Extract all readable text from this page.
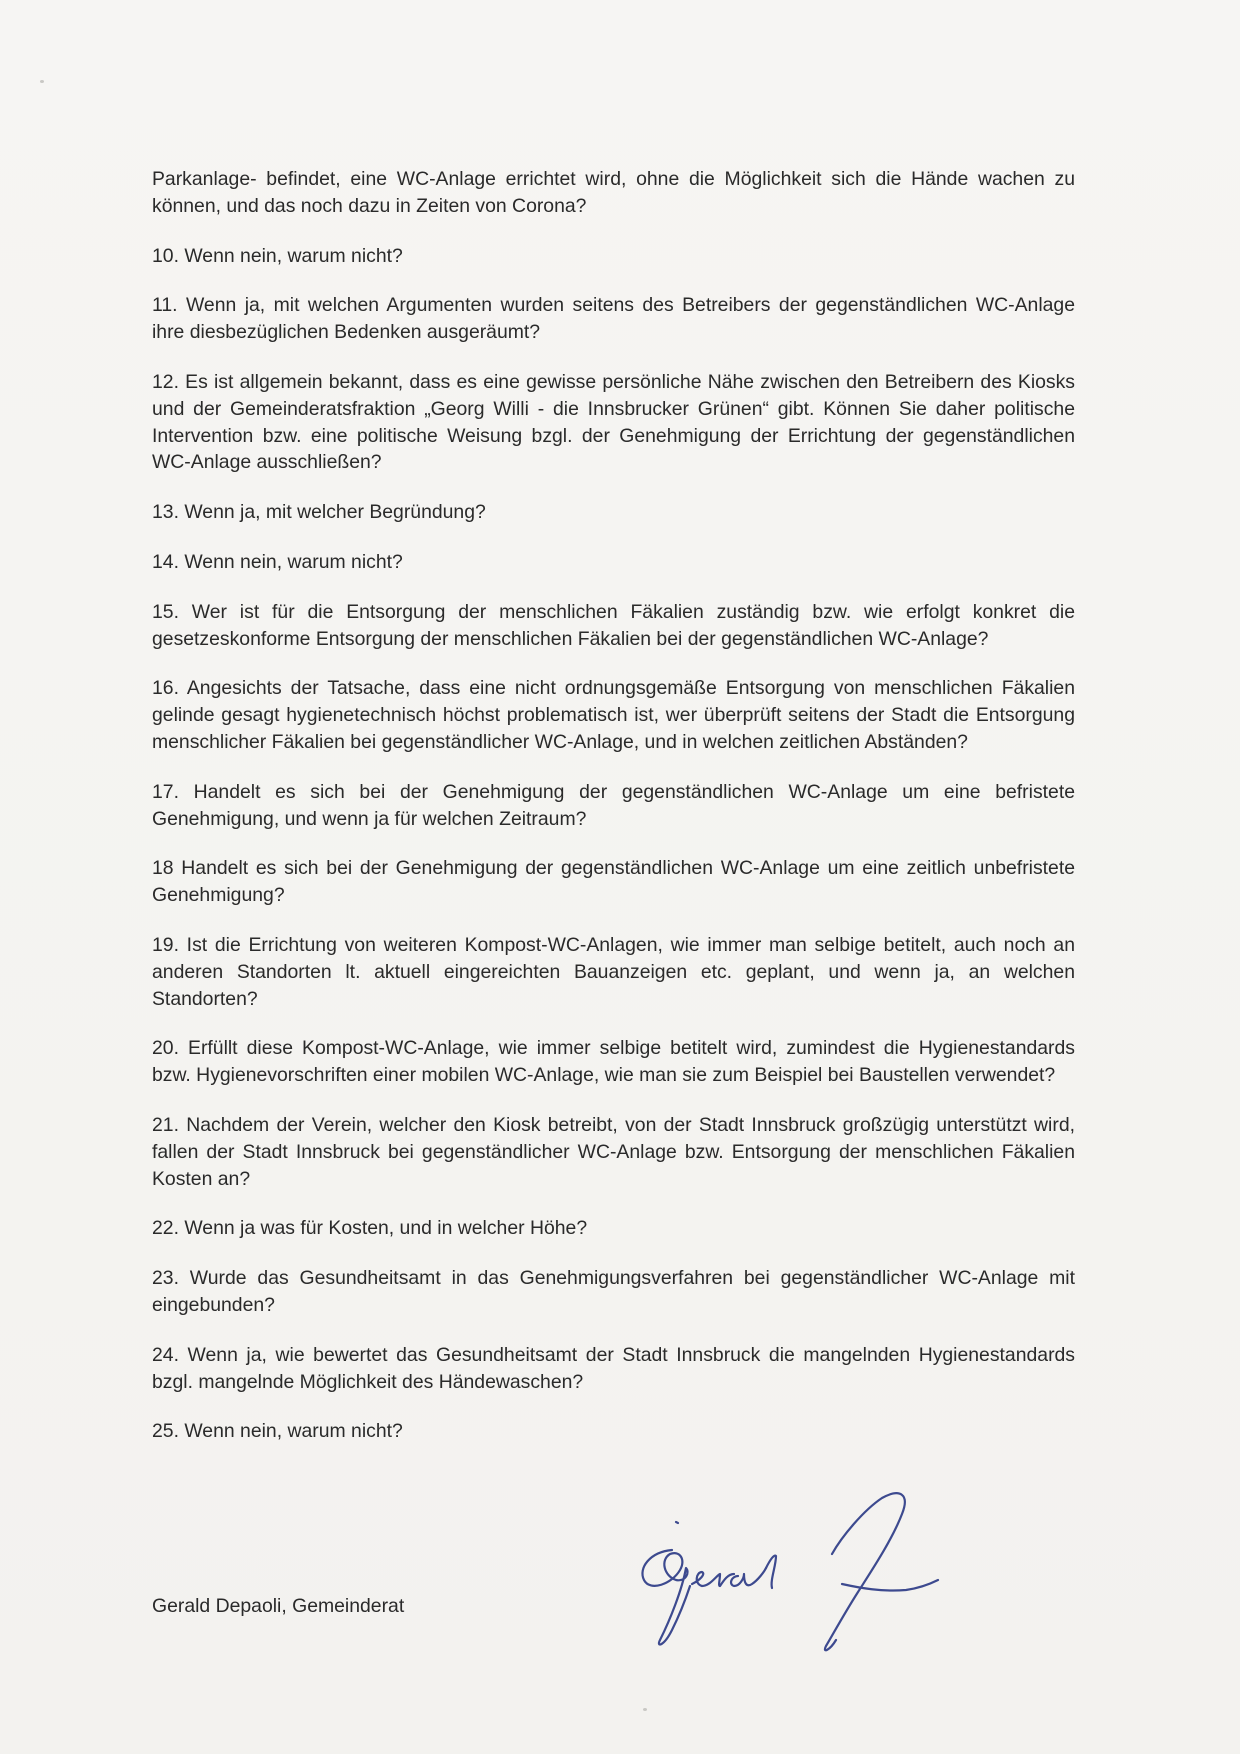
Parkanlage- befindet, eine WC-Anlage errichtet wird, ohne die Möglichkeit sich die Hände wachen zu können, und das noch dazu in Zeiten von Corona?

10. Wenn nein, warum nicht?

11. Wenn ja, mit welchen Argumenten wurden seitens des Betreibers der gegenständlichen WC-Anlage ihre diesbezüglichen Bedenken ausgeräumt?

12. Es ist allgemein bekannt, dass es eine gewisse persönliche Nähe zwischen den Betreibern des Kiosks und der Gemeinderatsfraktion „Georg Willi - die Innsbrucker Grünen“ gibt. Können Sie daher politische Intervention bzw. eine politische Weisung bzgl. der Genehmigung der Errichtung der gegenständlichen WC-Anlage ausschließen?

13. Wenn ja, mit welcher Begründung?

14. Wenn nein, warum nicht?

15. Wer ist für die Entsorgung der menschlichen Fäkalien zuständig bzw. wie erfolgt konkret die gesetzeskonforme Entsorgung der menschlichen Fäkalien bei der gegenständlichen WC-Anlage?

16. Angesichts der Tatsache, dass eine nicht ordnungsgemäße Entsorgung von menschlichen Fäkalien gelinde gesagt hygienetechnisch höchst problematisch ist, wer überprüft seitens der Stadt die Entsorgung menschlicher Fäkalien bei gegenständlicher WC-Anlage, und in welchen zeitlichen Abständen?

17. Handelt es sich bei der Genehmigung der gegenständlichen WC-Anlage um eine befristete Genehmigung, und wenn ja für welchen Zeitraum?

18 Handelt es sich bei der Genehmigung der gegenständlichen WC-Anlage um eine zeitlich unbefristete Genehmigung?

19. Ist die Errichtung von weiteren Kompost-WC-Anlagen, wie immer man selbige betitelt, auch noch an anderen Standorten lt. aktuell eingereichten Bauanzeigen etc. geplant, und wenn ja, an welchen Standorten?

20. Erfüllt diese Kompost-WC-Anlage, wie immer selbige betitelt wird, zumindest die Hygienestandards bzw. Hygienevorschriften einer mobilen WC-Anlage, wie man sie zum Beispiel bei Baustellen verwendet?

21. Nachdem der Verein, welcher den Kiosk betreibt, von der Stadt Innsbruck großzügig unterstützt wird, fallen der Stadt Innsbruck bei gegenständlicher WC-Anlage bzw. Entsorgung der menschlichen Fäkalien Kosten an?

22. Wenn ja was für Kosten, und in welcher Höhe?

23. Wurde das Gesundheitsamt in das Genehmigungsverfahren bei gegenständlicher WC-Anlage mit eingebunden?

24. Wenn ja, wie bewertet das Gesundheitsamt der Stadt Innsbruck die mangelnden Hygienestandards bzgl. mangelnde Möglichkeit des Händewaschen?

25. Wenn nein, warum nicht?

Gerald Depaoli, Gemeinderat
